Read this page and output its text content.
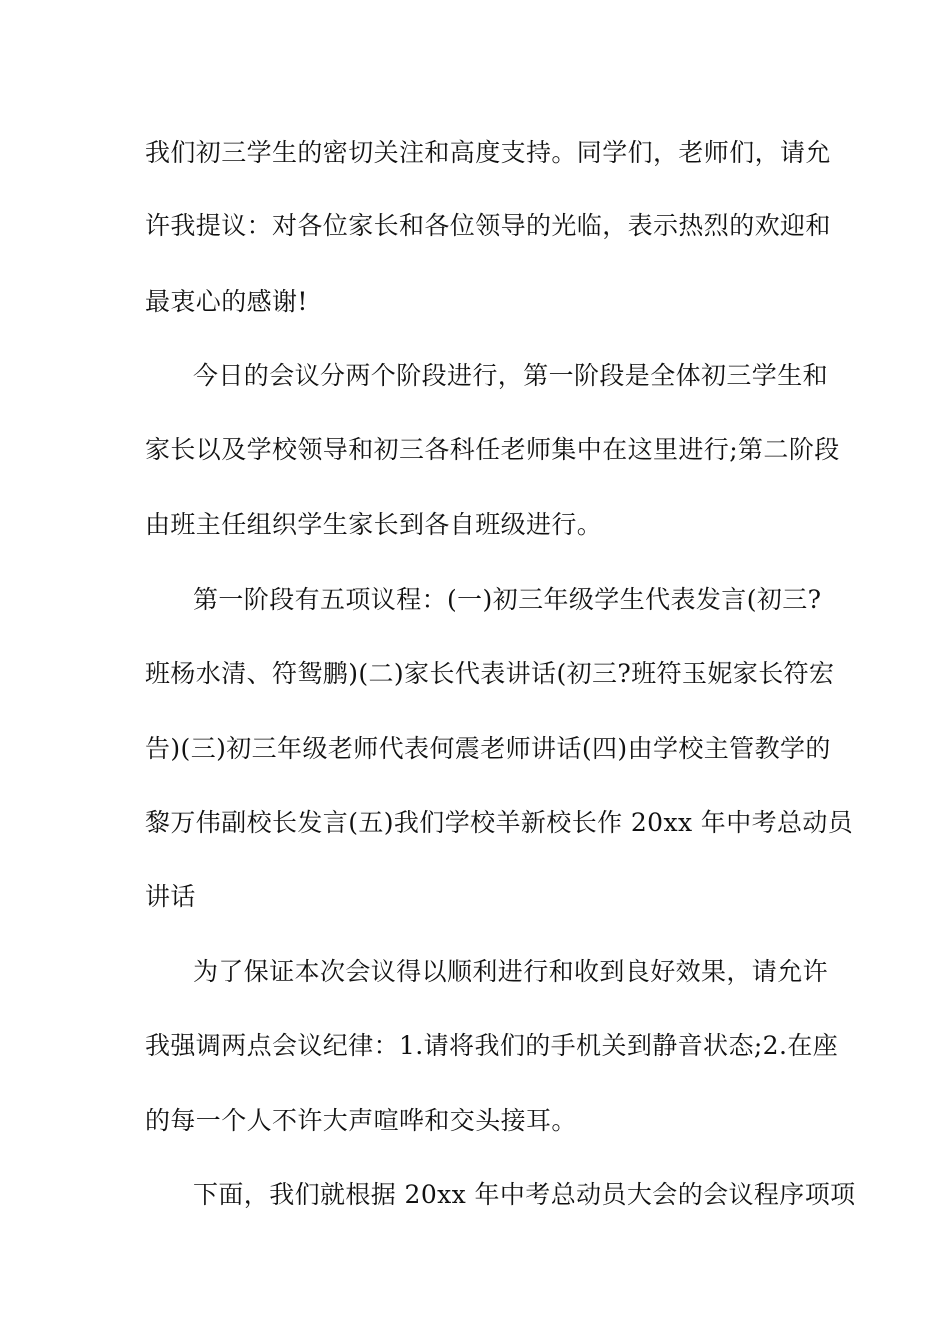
我们初三学生的密切关注和高度支持。同学们，老师们，请允
许我提议：对各位家长和各位领导的光临，表示热烈的欢迎和
最衷心的感谢!
今日的会议分两个阶段进行，第一阶段是全体初三学生和
家长以及学校领导和初三各科任老师集中在这里进行;第二阶段
由班主任组织学生家长到各自班级进行。
第一阶段有五项议程：(一)初三年级学生代表发言(初三?
班杨水清、符鸳鹏)(二)家长代表讲话(初三?班符玉妮家长符宏
告)(三)初三年级老师代表何震老师讲话(四)由学校主管教学的
黎万伟副校长发言(五)我们学校羊新校长作 20xx 年中考总动员
讲话
为了保证本次会议得以顺利进行和收到良好效果，请允许
我强调两点会议纪律：1.请将我们的手机关到静音状态;2.在座
的每一个人不许大声喧哗和交头接耳。
下面，我们就根据 20xx 年中考总动员大会的会议程序项项
